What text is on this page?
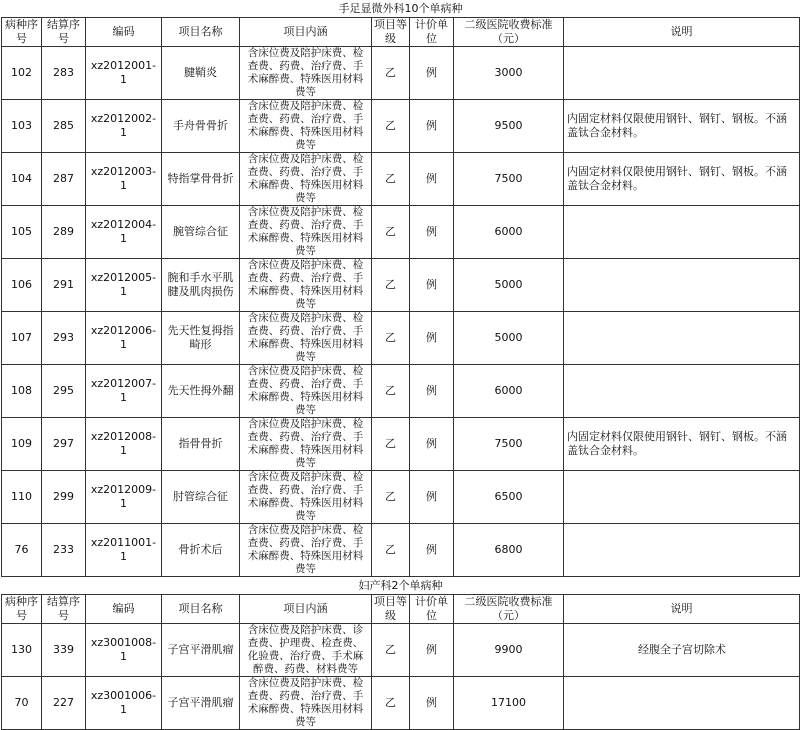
手足显微外科10个单病种								
病种序号	结算序号	编码	项目名称	项目内涵	项目等级	计价单位	二级医院收费标准（元）	说明
102	283	xz2012001-1	腱鞘炎	含床位费及陪护床费、检查费、药费、治疗费、手术麻醉费、特殊医用材料费等	乙	例	3000	
103	285	xz2012002-1	手舟骨骨折	含床位费及陪护床费、检查费、药费、治疗费、手术麻醉费、特殊医用材料费等	乙	例	9500	内固定材料仅限使用钢针、钢钉、钢板。不涵盖钛合金材料。
104	287	xz2012003-1	特指掌骨骨折	含床位费及陪护床费、检查费、药费、治疗费、手术麻醉费、特殊医用材料费等	乙	例	7500	内固定材料仅限使用钢针、钢钉、钢板。不涵盖钛合金材料。
105	289	xz2012004-1	腕管综合征	含床位费及陪护床费、检查费、药费、治疗费、手术麻醉费、特殊医用材料费等	乙	例	6000	
106	291	xz2012005-1	腕和手水平肌腱及肌肉损伤	含床位费及陪护床费、检查费、药费、治疗费、手术麻醉费、特殊医用材料费等	乙	例	5000	
107	293	xz2012006-1	先天性复拇指畸形	含床位费及陪护床费、检查费、药费、治疗费、手术麻醉费、特殊医用材料费等	乙	例	5000	
108	295	xz2012007-1	先天性拇外翻	含床位费及陪护床费、检查费、药费、治疗费、手术麻醉费、特殊医用材料费等	乙	例	6000	
109	297	xz2012008-1	指骨骨折	含床位费及陪护床费、检查费、药费、治疗费、手术麻醉费、特殊医用材料费等	乙	例	7500	内固定材料仅限使用钢针、钢钉、钢板。不涵盖钛合金材料。
110	299	xz2012009-1	肘管综合征	含床位费及陪护床费、检查费、药费、治疗费、手术麻醉费、特殊医用材料费等	乙	例	6500	
76	233	xz2011001-1	骨折术后	含床位费及陪护床费、检查费、药费、治疗费、手术麻醉费、特殊医用材料费等	乙	例	6800	
妇产科2个单病种								
病种序号	结算序号	编码	项目名称	项目内涵	项目等级	计价单位	二级医院收费标准（元）	说明
130	339	xz3001008-1	子宫平滑肌瘤	含床位费及陪护床费、诊查费、护理费、检查费、化验费、治疗费、手术麻醉费、药费、材料费等	乙	例	9900	经腹全子宫切除术
70	227	xz3001006-1	子宫平滑肌瘤	含床位费及陪护床费、检查费、药费、治疗费、手术麻醉费、特殊医用材料费等	乙	例	17100	
